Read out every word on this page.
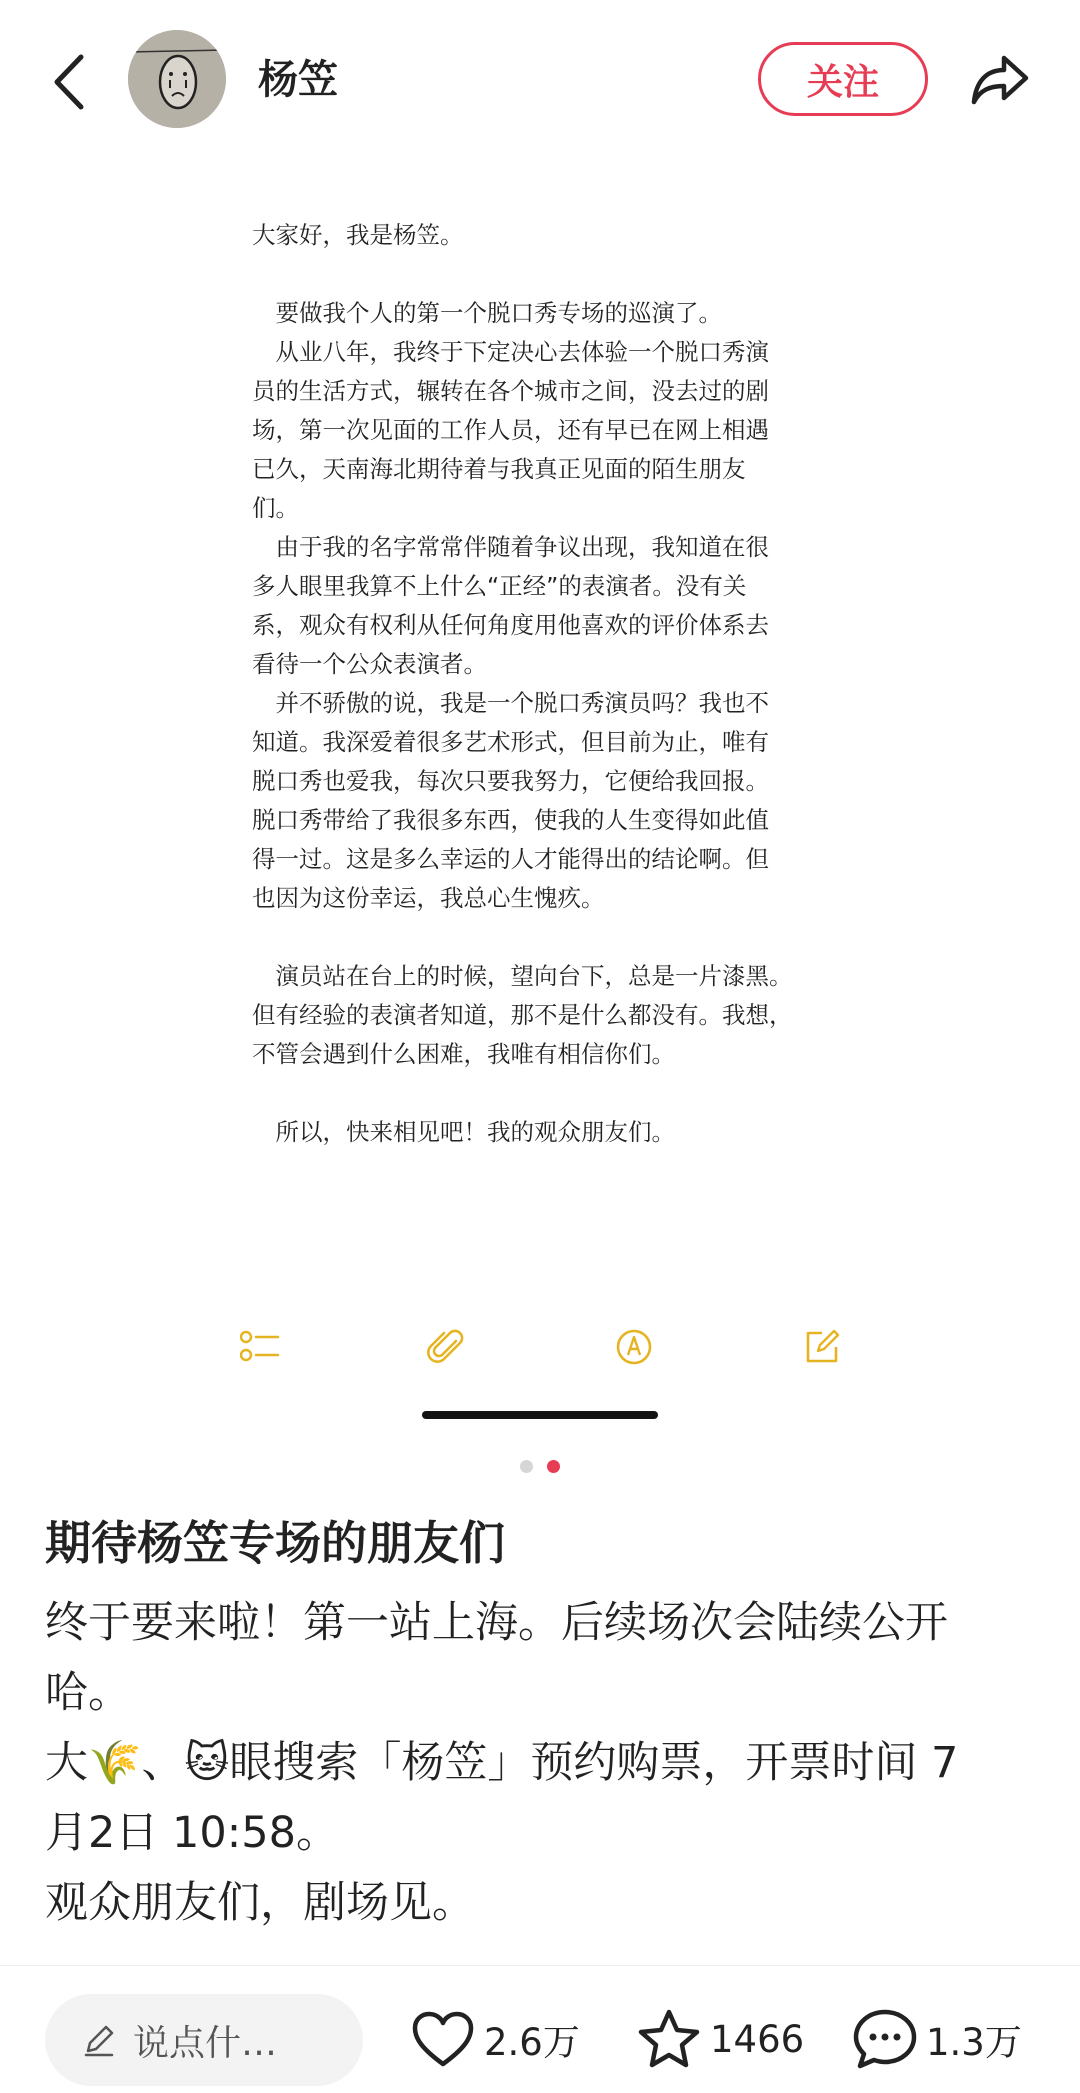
杨笠	关注

大家好，我是杨笠。

　要做我个人的第一个脱口秀专场的巡演了。

　从业八年，我终于下定决心去体验一个脱口秀演

员的生活方式，辗转在各个城市之间，没去过的剧

场，第一次见面的工作人员，还有早已在网上相遇

已久，天南海北期待着与我真正见面的陌生朋友

们。

　由于我的名字常常伴随着争议出现，我知道在很

多人眼里我算不上什么“正经”的表演者。没有关

系，观众有权利从任何角度用他喜欢的评价体系去

看待一个公众表演者。

　并不骄傲的说，我是一个脱口秀演员吗？我也不

知道。我深爱着很多艺术形式，但目前为止，唯有

脱口秀也爱我，每次只要我努力，它便给我回报。

脱口秀带给了我很多东西，使我的人生变得如此值

得一过。这是多么幸运的人才能得出的结论啊。但

也因为这份幸运，我总心生愧疚。

　演员站在台上的时候，望向台下，总是一片漆黑。

但有经验的表演者知道，那不是什么都没有。我想，

不管会遇到什么困难，我唯有相信你们。

　所以，快来相见吧！我的观众朋友们。

期待杨笠专场的朋友们
终于要来啦！第一站上海。后续场次会陆续公开
哈。
大🌾、🐱眼搜索「杨笠」预约购票，开票时间 7
月2日 10:58。
观众朋友们，剧场见。
说点什…	2.6万	1466	1.3万
